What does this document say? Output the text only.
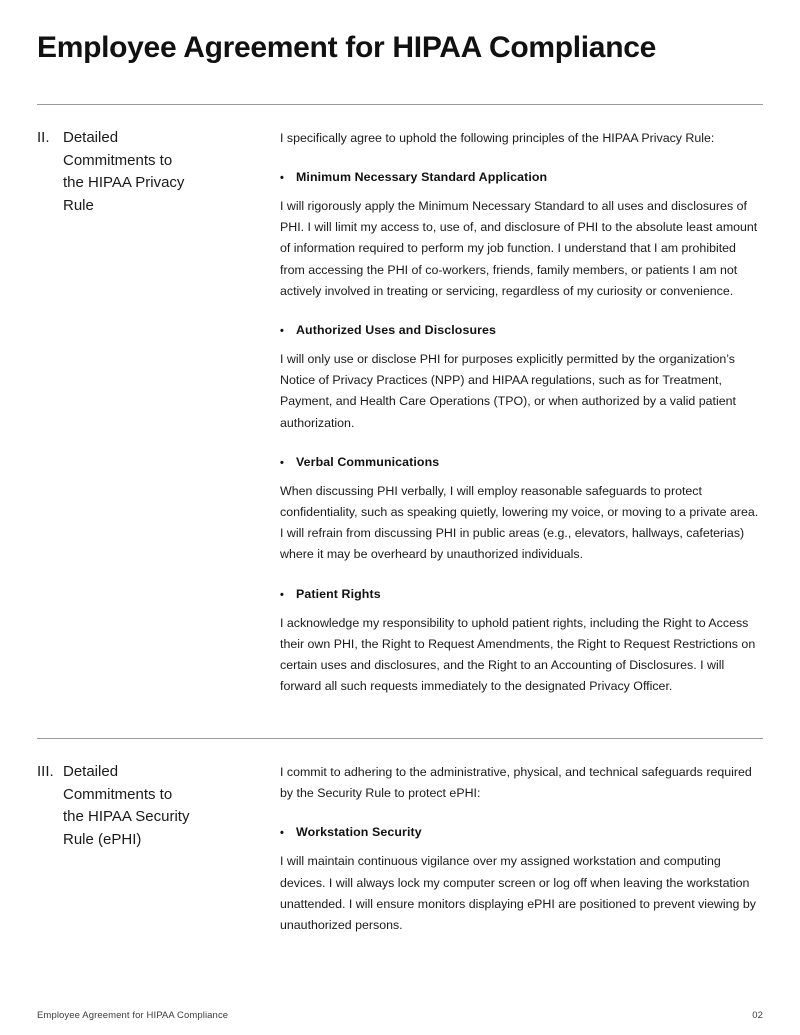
Employee Agreement for HIPAA Compliance
II. Detailed Commitments to the HIPAA Privacy Rule

I specifically agree to uphold the following principles of the HIPAA Privacy Rule:

• Minimum Necessary Standard Application

I will rigorously apply the Minimum Necessary Standard to all uses and disclosures of PHI. I will limit my access to, use of, and disclosure of PHI to the absolute least amount of information required to perform my job function. I understand that I am prohibited from accessing the PHI of co-workers, friends, family members, or patients I am not actively involved in treating or servicing, regardless of my curiosity or convenience.

• Authorized Uses and Disclosures

I will only use or disclose PHI for purposes explicitly permitted by the organization’s Notice of Privacy Practices (NPP) and HIPAA regulations, such as for Treatment, Payment, and Health Care Operations (TPO), or when authorized by a valid patient authorization.

• Verbal Communications

When discussing PHI verbally, I will employ reasonable safeguards to protect confidentiality, such as speaking quietly, lowering my voice, or moving to a private area. I will refrain from discussing PHI in public areas (e.g., elevators, hallways, cafeterias) where it may be overheard by unauthorized individuals.

• Patient Rights

I acknowledge my responsibility to uphold patient rights, including the Right to Access their own PHI, the Right to Request Amendments, the Right to Request Restrictions on certain uses and disclosures, and the Right to an Accounting of Disclosures. I will forward all such requests immediately to the designated Privacy Officer.

III. Detailed Commitments to the HIPAA Security Rule (ePHI)

I commit to adhering to the administrative, physical, and technical safeguards required by the Security Rule to protect ePHI:

• Workstation Security

I will maintain continuous vigilance over my assigned workstation and computing devices. I will always lock my computer screen or log off when leaving the workstation unattended. I will ensure monitors displaying ePHI are positioned to prevent viewing by unauthorized persons.

Employee Agreement for HIPAA Compliance	02
